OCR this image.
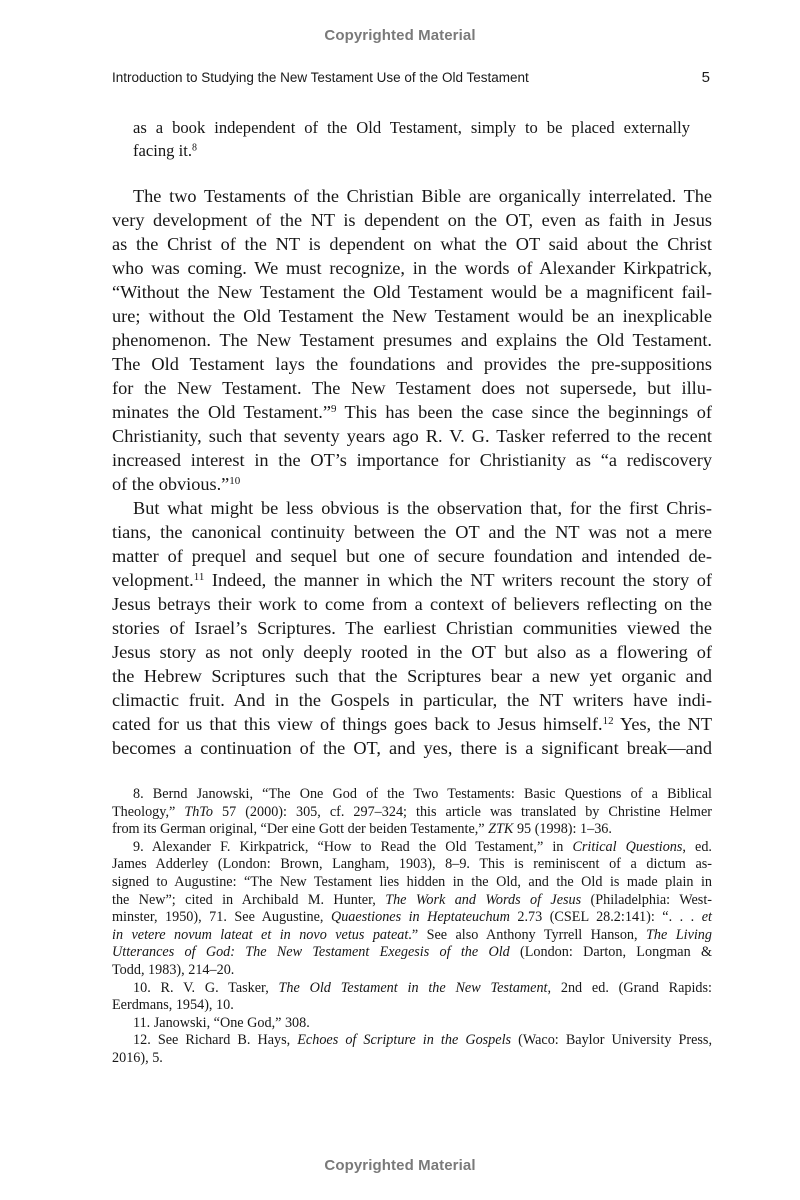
Copyrighted Material
Introduction to Studying the New Testament Use of the Old Testament	5
as a book independent of the Old Testament, simply to be placed externally
facing it.$^8$
The two Testaments of the Christian Bible are organically interrelated. The
very development of the NT is dependent on the OT, even as faith in Jesus
as the Christ of the NT is dependent on what the OT said about the Christ
who was coming. We must recognize, in the words of Alexander Kirkpatrick,
“Without the New Testament the Old Testament would be a magnificent fail-
ure; without the Old Testament the New Testament would be an inexplicable
phenomenon. The New Testament presumes and explains the Old Testament.
The Old Testament lays the foundations and provides the pre-suppositions
for the New Testament. The New Testament does not supersede, but illu-
minates the Old Testament.”$^9$ This has been the case since the beginnings of
Christianity, such that seventy years ago R. V. G. Tasker referred to the recent
increased interest in the OT’s importance for Christianity as “a rediscovery
of the obvious.”$^{10}$
But what might be less obvious is the observation that, for the first Chris-
tians, the canonical continuity between the OT and the NT was not a mere
matter of prequel and sequel but one of secure foundation and intended de-
velopment.$^{11}$ Indeed, the manner in which the NT writers recount the story of
Jesus betrays their work to come from a context of believers reflecting on the
stories of Israel’s Scriptures. The earliest Christian communities viewed the
Jesus story as not only deeply rooted in the OT but also as a flowering of
the Hebrew Scriptures such that the Scriptures bear a new yet organic and
climactic fruit. And in the Gospels in particular, the NT writers have indi-
cated for us that this view of things goes back to Jesus himself.$^{12}$ Yes, the NT
becomes a continuation of the OT, and yes, there is a significant break—and
8. Bernd Janowski, “The One God of the Two Testaments: Basic Questions of a Biblical
Theology,” ThTo 57 (2000): 305, cf. 297–324; this article was translated by Christine Helmer
from its German original, “Der eine Gott der beiden Testamente,” ZTK 95 (1998): 1–36.
9. Alexander F. Kirkpatrick, “How to Read the Old Testament,” in Critical Questions, ed.
James Adderley (London: Brown, Langham, 1903), 8–9. This is reminiscent of a dictum as-
signed to Augustine: “The New Testament lies hidden in the Old, and the Old is made plain in
the New”; cited in Archibald M. Hunter, The Work and Words of Jesus (Philadelphia: West-
minster, 1950), 71. See Augustine, Quaestiones in Heptateuchum 2.73 (CSEL 28.2:141): “. . . et
in vetere novum lateat et in novo vetus pateat.” See also Anthony Tyrrell Hanson, The Living
Utterances of God: The New Testament Exegesis of the Old (London: Darton, Longman &
Todd, 1983), 214–20.
10. R. V. G. Tasker, The Old Testament in the New Testament, 2nd ed. (Grand Rapids:
Eerdmans, 1954), 10.
11. Janowski, “One God,” 308.
12. See Richard B. Hays, Echoes of Scripture in the Gospels (Waco: Baylor University Press,
2016), 5.
Copyrighted Material
